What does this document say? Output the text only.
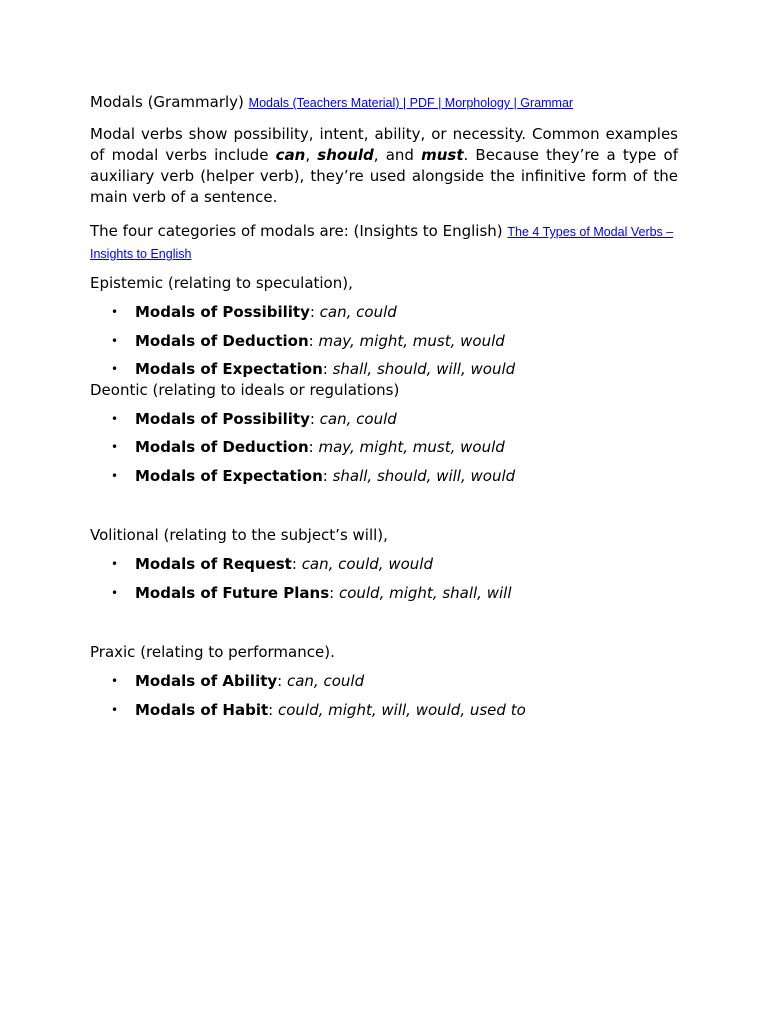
Modals (Grammarly) Modals (Teachers Material) | PDF | Morphology | Grammar

Modal verbs show possibility, intent, ability, or necessity. Common examples of modal verbs include can, should, and must. Because they’re a type of auxiliary verb (helper verb), they’re used alongside the infinitive form of the main verb of a sentence.

The four categories of modals are: (Insights to English) The 4 Types of Modal Verbs – Insights to English

Epistemic (relating to speculation),

• Modals of Possibility: can, could
• Modals of Deduction: may, might, must, would
• Modals of Expectation: shall, should, will, would

Deontic (relating to ideals or regulations)

• Modals of Possibility: can, could
• Modals of Deduction: may, might, must, would
• Modals of Expectation: shall, should, will, would

Volitional (relating to the subject’s will),

• Modals of Request: can, could, would
• Modals of Future Plans: could, might, shall, will

Praxic (relating to performance).

• Modals of Ability: can, could
• Modals of Habit: could, might, will, would, used to
